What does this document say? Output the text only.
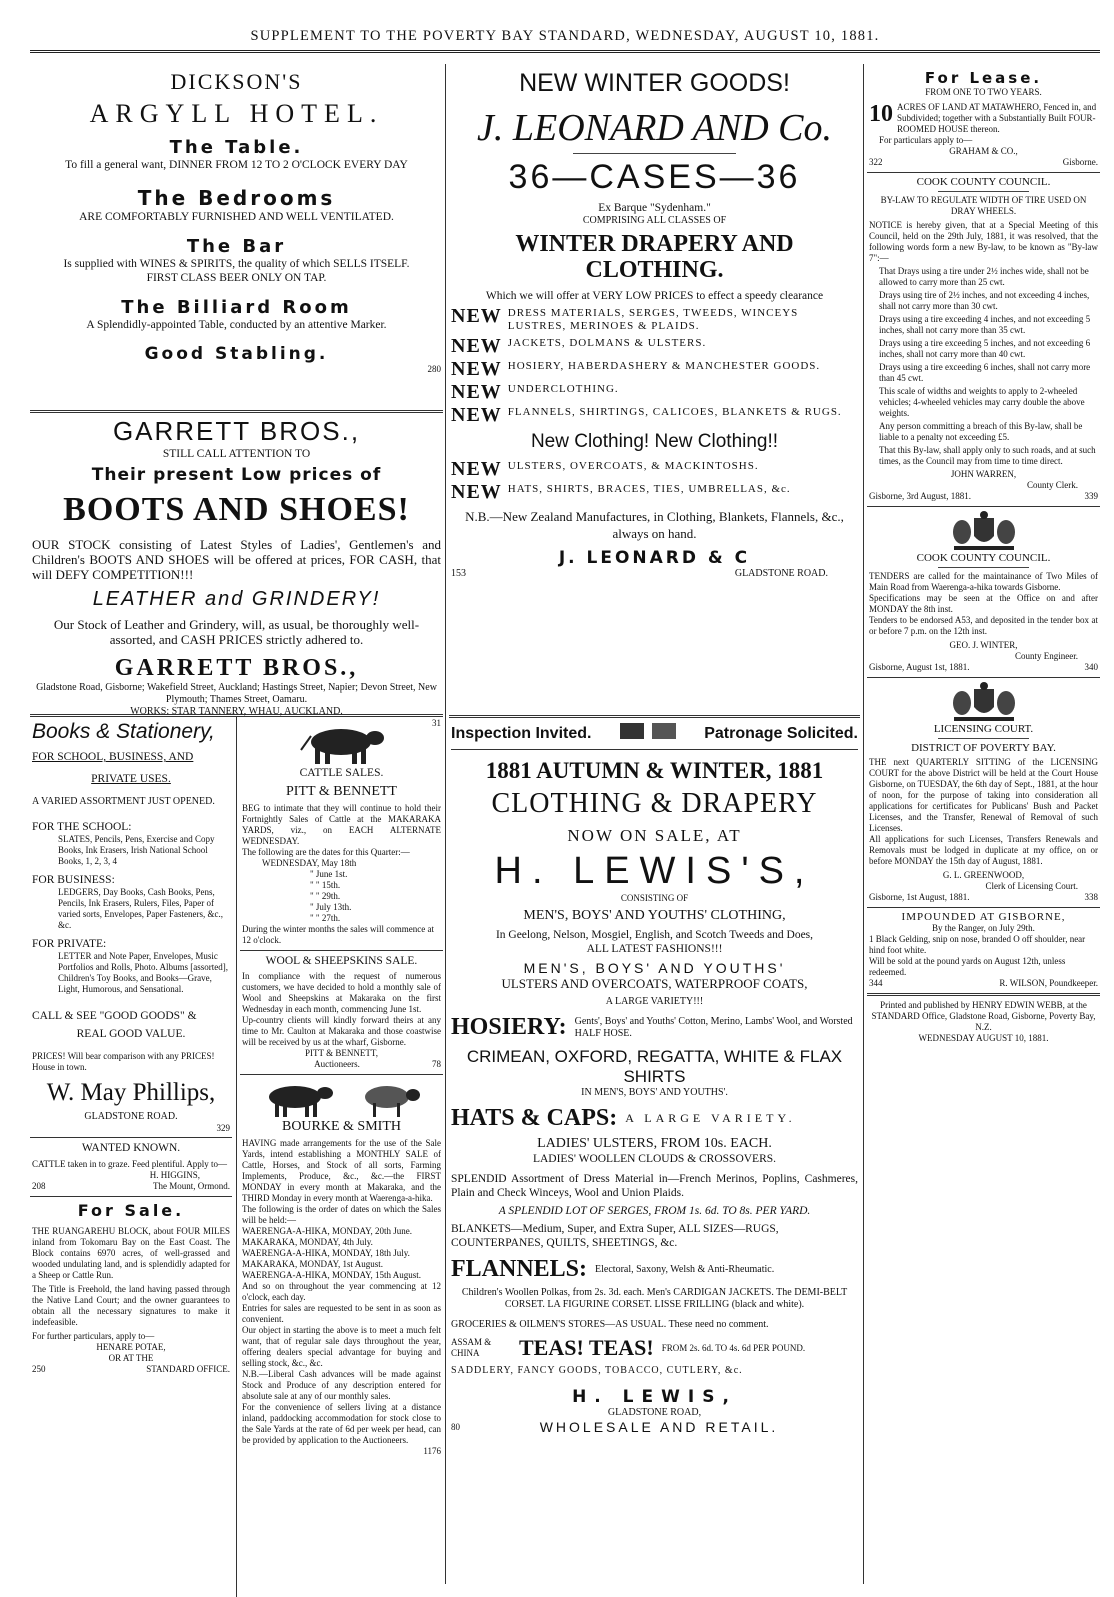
SUPPLEMENT TO THE POVERTY BAY STANDARD, WEDNESDAY, AUGUST 10, 1881.
DICKSON'S
ARGYLL HOTEL.
The Table.
To fill a general want, DINNER FROM 12 TO 2 O'CLOCK EVERY DAY
The Bedrooms
ARE COMFORTABLY FURNISHED AND WELL VENTILATED.
The Bar
Is supplied with WINES & SPIRITS, the quality of which SELLS ITSELF.
FIRST CLASS BEER ONLY ON TAP.
The Billiard Room
A Splendidly-appointed Table, conducted by an attentive Marker.
Good Stabling.
280
GARRETT BROS.,
STILL CALL ATTENTION TO
Their present Low prices of
BOOTS AND SHOES!
OUR STOCK consisting of Latest Styles of Ladies', Gentlemen's and Children's BOOTS AND SHOES will be offered at prices, FOR CASH, that will DEFY COMPETITION!!!
LEATHER and GRINDERY!
Our Stock of Leather and Grindery, will, as usual, be thoroughly well-assorted, and CASH PRICES strictly adhered to.
GARRETT BROS.,
Gladstone Road, Gisborne; Wakefield Street, Auckland; Hastings Street, Napier; Devon Street, New Plymouth; Thames Street, Oamaru.
WORKS: STAR TANNERY, WHAU, AUCKLAND.
31
Books & Stationery,
FOR SCHOOL, BUSINESS, AND
PRIVATE USES.
A VARIED ASSORTMENT JUST OPENED.
FOR THE SCHOOL:
SLATES, Pencils, Pens, Exercise and Copy Books, Ink Erasers, Irish National School Books, 1, 2, 3, 4
FOR BUSINESS:
LEDGERS, Day Books, Cash Books, Pens, Pencils, Ink Erasers, Rulers, Files, Paper of varied sorts, Envelopes, Paper Fasteners, &c., &c.
FOR PRIVATE:
LETTER and Note Paper, Envelopes, Music Portfolios and Rolls, Photo. Albums [assorted], Children's Toy Books, and Books—Grave, Light, Humorous, and Sensational.
CALL & SEE "GOOD GOODS" &
REAL GOOD VALUE.
PRICES! Will bear comparison with any PRICES! House in town.
W. May Phillips,
GLADSTONE ROAD.
329
WANTED KNOWN.
CATTLE taken in to graze. Feed plentiful. Apply to—
H. HIGGINS,
208	The Mount, Ormond.
For Sale.
THE RUANGAREHU BLOCK, about FOUR MILES inland from Tokomaru Bay on the East Coast. The Block contains 6970 acres, of well-grassed and wooded undulating land, and is splendidly adapted for a Sheep or Cattle Run.
The Title is Freehold, the land having passed through the Native Land Court; and the owner guarantees to obtain all the necessary signatures to make it indefeasible.
For further particulars, apply to—
HENARE POTAE,
OR AT THE
250	STANDARD OFFICE.
CATTLE SALES.
PITT & BENNETT
BEG to intimate that they will continue to hold their Fortnightly Sales of Cattle at the MAKARAKA YARDS, viz., on EACH ALTERNATE WEDNESDAY.
The following are the dates for this Quarter:—
WEDNESDAY, May 18th
" June 1st.
" " 15th.
" " 29th.
" July 13th.
" " 27th.
During the winter months the sales will commence at 12 o'clock.
WOOL & SHEEPSKINS SALE.
In compliance with the request of numerous customers, we have decided to hold a monthly sale of Wool and Sheepskins at Makaraka on the first Wednesday in each month, commencing June 1st.
Up-country clients will kindly forward theirs at any time to Mr. Caulton at Makaraka and those coastwise will be received by us at the wharf, Gisborne.
PITT & BENNETT,
Auctioneers.	78
BOURKE & SMITH
HAVING made arrangements for the use of the Sale Yards, intend establishing a MONTHLY SALE of Cattle, Horses, and Stock of all sorts, Farming Implements, Produce, &c., &c.—the FIRST MONDAY in every month at Makaraka, and the THIRD Monday in every month at Waerenga-a-hika.
The following is the order of dates on which the Sales will be held:—
WAERENGA-A-HIKA, MONDAY, 20th June.
MAKARAKA, MONDAY, 4th July.
WAERENGA-A-HIKA, MONDAY, 18th July.
MAKARAKA, MONDAY, 1st August.
WAERENGA-A-HIKA, MONDAY, 15th August.
And so on throughout the year commencing at 12 o'clock, each day.
Entries for sales are requested to be sent in as soon as convenient.
Our object in starting the above is to meet a much felt want, that of regular sale days throughout the year, offering dealers special advantage for buying and selling stock, &c., &c.
N.B.—Liberal Cash advances will be made against Stock and Produce of any description entered for absolute sale at any of our monthly sales.
For the convenience of sellers living at a distance inland, paddocking accommodation for stock close to the Sale Yards at the rate of 6d per week per head, can be provided by application to the Auctioneers.
1176
NEW WINTER GOODS!
J. LEONARD AND Co.
36—CASES—36
Ex Barque "Sydenham."
COMPRISING ALL CLASSES OF
WINTER DRAPERY AND CLOTHING.
Which we will offer at VERY LOW PRICES to effect a speedy clearance
NEW DRESS MATERIALS, SERGES, TWEEDS, WINCEYS LUSTRES, MERINOES & PLAIDS.
NEW JACKETS, DOLMANS & ULSTERS.
NEW HOSIERY, HABERDASHERY & MANCHESTER GOODS.
NEW UNDERCLOTHING.
NEW FLANNELS, SHIRTINGS, CALICOES, BLANKETS & RUGS.
New Clothing! New Clothing!!
NEW ULSTERS, OVERCOATS, & MACKINTOSHS.
NEW HATS, SHIRTS, BRACES, TIES, UMBRELLAS, &c.
N.B.—New Zealand Manufactures, in Clothing, Blankets, Flannels, &c., always on hand.
J. LEONARD & C
153	GLADSTONE ROAD.
Inspection Invited.	Patronage Solicited.
1881 AUTUMN & WINTER, 1881
CLOTHING & DRAPERY
NOW ON SALE, AT
H. LEWIS'S,
CONSISTING OF
MEN'S, BOYS' AND YOUTHS' CLOTHING,
In Geelong, Nelson, Mosgiel, English, and Scotch Tweeds and Does,
ALL LATEST FASHIONS!!!
MEN'S, BOYS' AND YOUTHS'
ULSTERS AND OVERCOATS, WATERPROOF COATS,
A LARGE VARIETY!!!
HOSIERY: Gents', Boys' and Youths' Cotton, Merino, Lambs' Wool, and Worsted HALF HOSE.
CRIMEAN, OXFORD, REGATTA, WHITE & FLAX SHIRTS
IN MEN'S, BOYS' AND YOUTHS'.
HATS & CAPS: A LARGE VARIETY.
LADIES' ULSTERS, FROM 10s. EACH.
LADIES' WOOLLEN CLOUDS & CROSSOVERS.
SPLENDID Assortment of Dress Material in—French Merinos, Poplins, Cashmeres, Plain and Check Winceys, Wool and Union Plaids.
A SPLENDID LOT OF SERGES, FROM 1s. 6d. TO 8s. PER YARD.
BLANKETS—Medium, Super, and Extra Super, ALL SIZES—RUGS, COUNTERPANES, QUILTS, SHEETINGS, &c.
FLANNELS: Electoral, Saxony, Welsh & Anti-Rheumatic.
Children's Woollen Polkas, from 2s. 3d. each. Men's CARDIGAN JACKETS. The DEMI-BELT CORSET. LA FIGURINE CORSET. LISSE FRILLING (black and white).
GROCERIES & OILMEN'S STORES—AS USUAL. These need no comment.
ASSAM & CHINA	TEAS! TEAS! FROM 2s. 6d. TO 4s. 6d PER POUND.
SADDLERY, FANCY GOODS, TOBACCO, CUTLERY, &c.
H. LEWIS,
GLADSTONE ROAD,
80	WHOLESALE AND RETAIL.
For Lease.
FROM ONE TO TWO YEARS.
10 ACRES OF LAND AT MATAWHERO, Fenced in, and Subdivided; together with a Substantially Built FOUR-ROOMED HOUSE thereon.
For particulars apply to—
GRAHAM & CO.,
322	Gisborne.
COOK COUNTY COUNCIL.
BY-LAW TO REGULATE WIDTH OF TIRE USED ON DRAY WHEELS.
NOTICE is hereby given, that at a Special Meeting of this Council, held on the 29th July, 1881, it was resolved, that the following words form a new By-law, to be known as "By-law 7":—

That Drays using a tire under 2½ inches wide, shall not be allowed to carry more than 25 cwt.

Drays using tire of 2½ inches, and not exceeding 4 inches, shall not carry more than 30 cwt.

Drays using a tire exceeding 4 inches, and not exceeding 5 inches, shall not carry more than 35 cwt.

Drays using a tire exceeding 5 inches, and not exceeding 6 inches, shall not carry more than 40 cwt.

Drays using a tire exceeding 6 inches, shall not carry more than 45 cwt.

This scale of widths and weights to apply to 2-wheeled vehicles; 4-wheeled vehicles may carry double the above weights.

Any person committing a breach of this By-law, shall be liable to a penalty not exceeding £5.

That this By-law, shall apply only to such roads, and at such times, as the Council may from time to time direct.

JOHN WARREN,
County Clerk.
Gisborne, 3rd August, 1881.	339
COOK COUNTY COUNCIL.
TENDERS are called for the maintainance of Two Miles of Main Road from Waerenga-a-hika towards Gisborne.
Specifications may be seen at the Office on and after MONDAY the 8th inst.
Tenders to be endorsed A53, and deposited in the tender box at or before 7 p.m. on the 12th inst.
GEO. J. WINTER,
County Engineer.
Gisborne, August 1st, 1881.	340
LICENSING COURT.
DISTRICT OF POVERTY BAY.
THE next QUARTERLY SITTING of the LICENSING COURT for the above District will be held at the Court House Gisborne, on TUESDAY, the 6th day of Sept., 1881, at the hour of noon, for the purpose of taking into consideration all applications for certificates for Publicans' Bush and Packet Licenses, and the Transfer, Renewal of Removal of such Licenses.
All applications for such Licenses, Transfers Renewals and Removals must be lodged in duplicate at my office, on or before MONDAY the 15th day of August, 1881.
G. L. GREENWOOD,
Clerk of Licensing Court.
Gisborne, 1st August, 1881.	338
IMPOUNDED AT GISBORNE,
By the Ranger, on July 29th.
1 Black Gelding, snip on nose, branded O off shoulder, near hind foot white.
Will be sold at the pound yards on August 12th, unless redeemed.
344	R. WILSON, Poundkeeper.
Printed and published by HENRY EDWIN WEBB, at the STANDARD Office, Gladstone Road, Gisborne, Poverty Bay, N.Z.
WEDNESDAY AUGUST 10, 1881.
